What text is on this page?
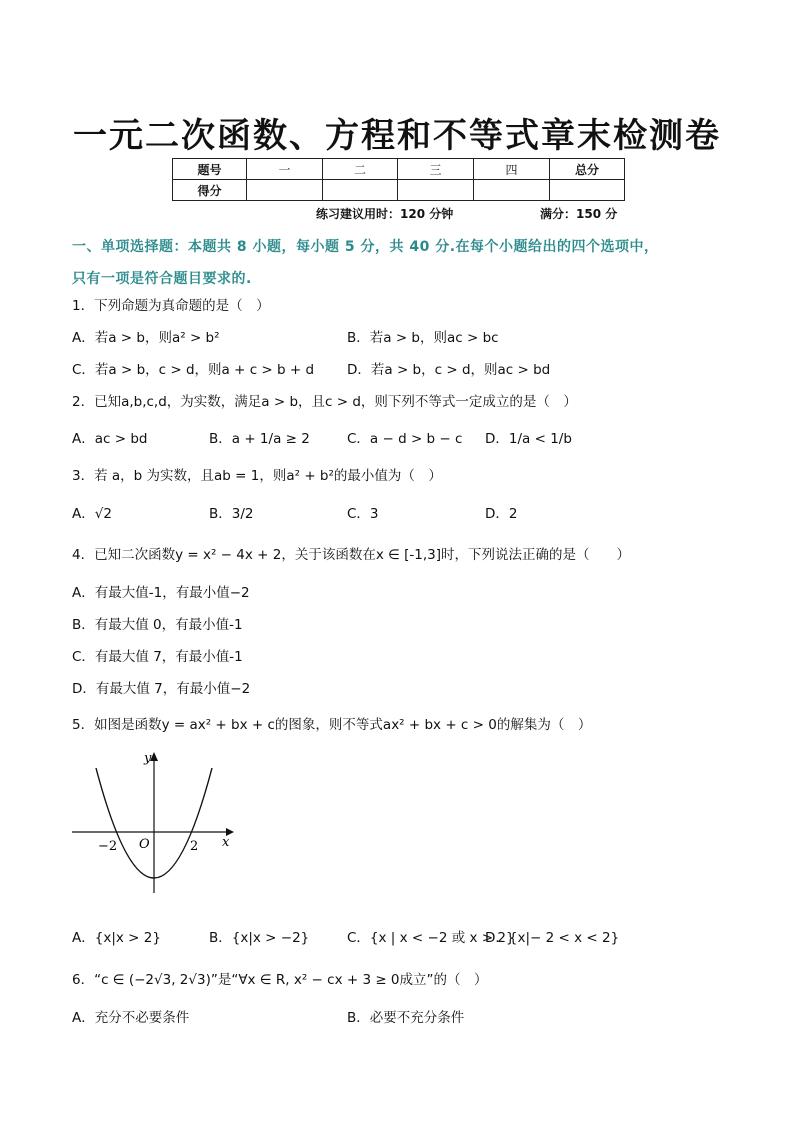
一元二次函数、方程和不等式章末检测卷
题号	一	二	三	四	总分
得分					
练习建议用时：120 分钟	满分：150 分
一、单项选择题：本题共 8 小题，每小题 5 分，共 40 分.在每个小题给出的四个选项中，
只有一项是符合题目要求的.
1．下列命题为真命题的是（　）
A．若a > b，则a² > b²	B．若a > b，则ac > bc
C．若a > b，c > d，则a + c > b + d D．若a > b，c > d，则ac > bd
2．已知a,b,c,d，为实数，满足a > b，且c > d，则下列不等式一定成立的是（　）
A．ac > bd	B．a + 1/a ≥ 2	C．a − d > b − c D．1/a < 1/b
3．若 a，b 为实数，且ab = 1，则a² + b²的最小值为（　）
A．√2	B．3/2	C．3	D．2
4．已知二次函数y = x² − 4x + 2，关于该函数在x ∈ [-1,3]时，下列说法正确的是（　　）
A．有最大值-1，有最小值−2
B．有最大值 0，有最小值-1
C．有最大值 7，有最小值-1
D．有最大值 7，有最小值−2
5．如图是函数y = ax² + bx + c的图象，则不等式ax² + bx + c > 0的解集为（　）
y
x
O
−2	2
A．{x|x > 2}	B．{x|x > −2}	C．{x | x < −2 或 x > 2}
D．{x|− 2 < x < 2}
6．“c ∈ (−2√3, 2√3)”是“∀x ∈ R, x² − cx + 3 ≥ 0成立”的（　）
A．充分不必要条件	B．必要不充分条件
